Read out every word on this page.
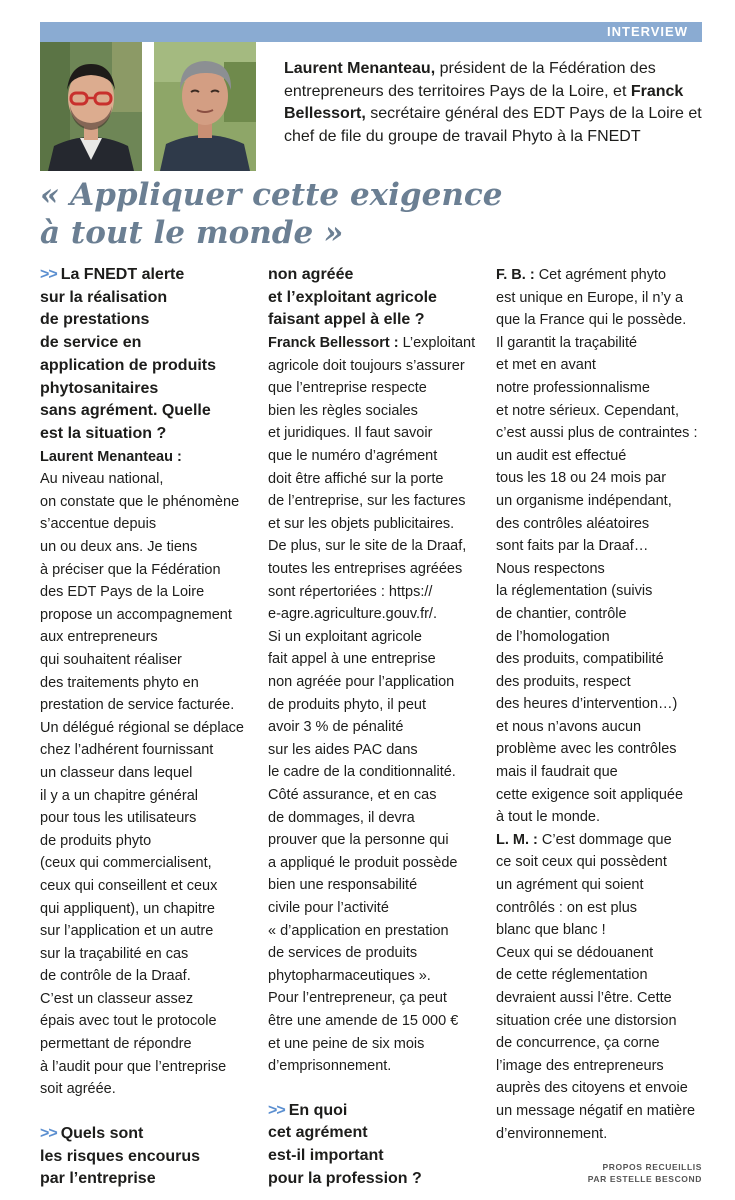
INTERVIEW
Laurent Menanteau, président de la Fédération des entrepreneurs des territoires Pays de la Loire, et Franck Bellessort, secrétaire général des EDT Pays de la Loire et chef de file du groupe de travail Phyto à la FNEDT
« Appliquer cette exigence
à tout le monde »
>> La FNEDT alerte
sur la réalisation
de prestations
de service en
application de produits
phytosanitaires
sans agrément. Quelle
est la situation ?

Laurent Menanteau :
Au niveau national,
on constate que le phénomène
s’accentue depuis
un ou deux ans. Je tiens
à préciser que la Fédération
des EDT Pays de la Loire
propose un accompagnement
aux entrepreneurs
qui souhaitent réaliser
des traitements phyto en
prestation de service facturée.
Un délégué régional se déplace
chez l’adhérent fournissant
un classeur dans lequel
il y a un chapitre général
pour tous les utilisateurs
de produits phyto
(ceux qui commercialisent,
ceux qui conseillent et ceux
qui appliquent), un chapitre
sur l’application et un autre
sur la traçabilité en cas
de contrôle de la Draaf.
C’est un classeur assez
épais avec tout le protocole
permettant de répondre
à l’audit pour que l’entreprise
soit agréée.

>> Quels sont
les risques encourus
par l’entreprise
non agréée
et l’exploitant agricole
faisant appel à elle ?

Franck Bellessort : L’exploitant
agricole doit toujours s’assurer
que l’entreprise respecte
bien les règles sociales
et juridiques. Il faut savoir
que le numéro d’agrément
doit être affiché sur la porte
de l’entreprise, sur les factures
et sur les objets publicitaires.
De plus, sur le site de la Draaf,
toutes les entreprises agréées
sont répertoriées : https://
e-agre.agriculture.gouv.fr/.
Si un exploitant agricole
fait appel à une entreprise
non agréée pour l’application
de produits phyto, il peut
avoir 3 % de pénalité
sur les aides PAC dans
le cadre de la conditionnalité.
Côté assurance, et en cas
de dommages, il devra
prouver que la personne qui
a appliqué le produit possède
bien une responsabilité
civile pour l’activité
« d’application en prestation
de services de produits
phytopharmaceutiques ».
Pour l’entrepreneur, ça peut
être une amende de 15 000 €
et une peine de six mois
d’emprisonnement.

>> En quoi
cet agrément
est-il important
pour la profession ?

F. B. : Cet agrément phyto
est unique en Europe, il n’y a
que la France qui le possède.
Il garantit la traçabilité
et met en avant
notre professionnalisme
et notre sérieux. Cependant,
c’est aussi plus de contraintes :
un audit est effectué
tous les 18 ou 24 mois par
un organisme indépendant,
des contrôles aléatoires
sont faits par la Draaf…
Nous respectons
la réglementation (suivis
de chantier, contrôle
de l’homologation
des produits, compatibilité
des produits, respect
des heures d’intervention…)
et nous n’avons aucun
problème avec les contrôles
mais il faudrait que
cette exigence soit appliquée
à tout le monde.

L. M. : C’est dommage que
ce soit ceux qui possèdent
un agrément qui soient
contrôlés : on est plus
blanc que blanc !
Ceux qui se dédouanent
de cette réglementation
devraient aussi l’être. Cette
situation crée une distorsion
de concurrence, ça corne
l’image des entrepreneurs
auprès des citoyens et envoie
un message négatif en matière
d’environnement.

PROPOS RECUEILLIS
PAR ESTELLE BESCOND
